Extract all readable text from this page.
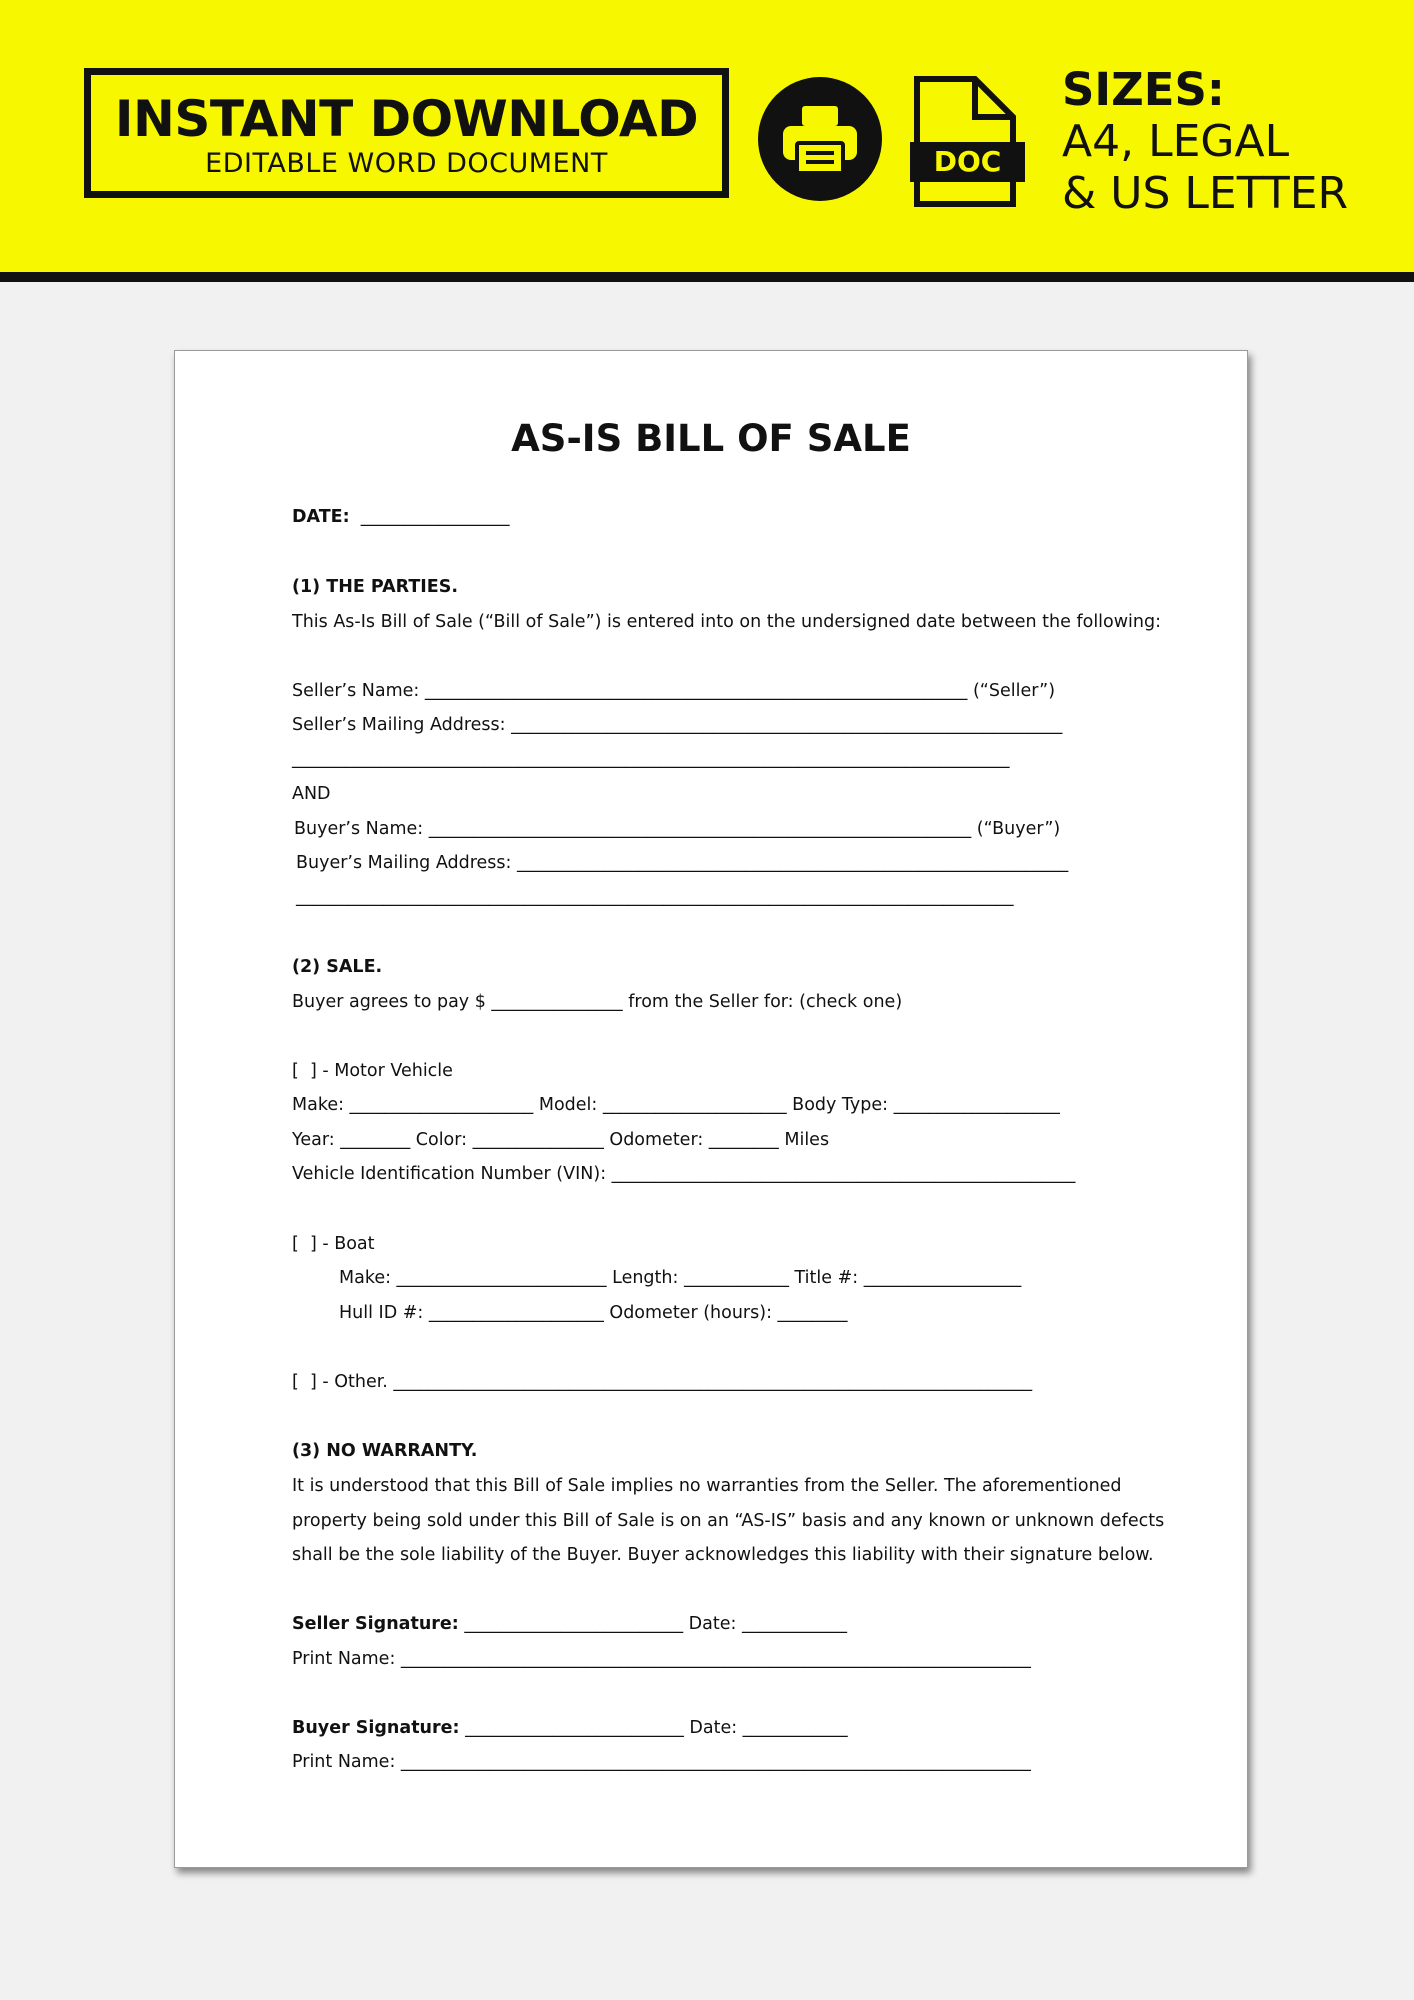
INSTANT DOWNLOAD
EDITABLE WORD DOCUMENT	DOC
SIZES:
A4, LEGAL
& US LETTER
AS-IS BILL OF SALE
DATE: _________________
(1) THE PARTIES.
This As-Is Bill of Sale (“Bill of Sale”) is entered into on the undersigned date between the following:
Seller’s Name: ______________________________________________________________ (“Seller”)
Seller’s Mailing Address: _______________________________________________________________
__________________________________________________________________________________
AND
Buyer’s Name: ______________________________________________________________ (“Buyer”)
Buyer’s Mailing Address: _______________________________________________________________
__________________________________________________________________________________
(2) SALE.
Buyer agrees to pay $ _______________ from the Seller for: (check one)
[  ] - Motor Vehicle
Make: _____________________ Model: _____________________ Body Type: ___________________
Year: ________ Color: _______________ Odometer: ________ Miles
Vehicle Identification Number (VIN): _____________________________________________________
[  ] - Boat
Make: ________________________ Length: ____________ Title #: __________________
Hull ID #: ____________________ Odometer (hours): ________
[  ] - Other. _________________________________________________________________________
(3) NO WARRANTY.
It is understood that this Bill of Sale implies no warranties from the Seller. The aforementioned
property being sold under this Bill of Sale is on an “AS-IS” basis and any known or unknown defects
shall be the sole liability of the Buyer. Buyer acknowledges this liability with their signature below.
Seller Signature: _________________________ Date: ____________
Print Name: ________________________________________________________________________
Buyer Signature: _________________________ Date: ____________
Print Name: ________________________________________________________________________
